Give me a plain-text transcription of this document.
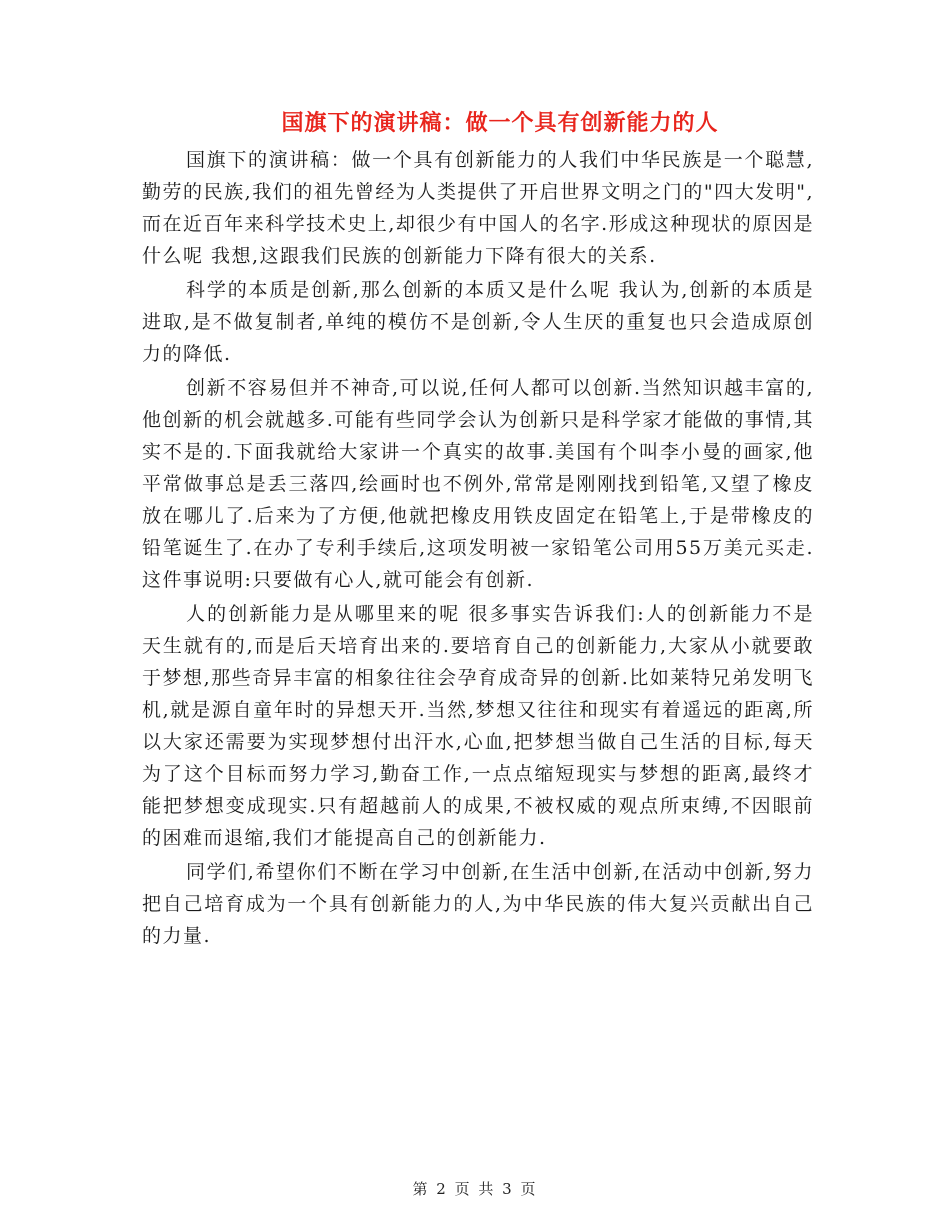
国旗下的演讲稿：做一个具有创新能力的人

国旗下的演讲稿：做一个具有创新能力的人我们中华民族是一个聪慧,勤劳的民族,我们的祖先曾经为人类提供了开启世界文明之门的"四大发明",而在近百年来科学技术史上,却很少有中国人的名字.形成这种现状的原因是什么呢 我想,这跟我们民族的创新能力下降有很大的关系.

科学的本质是创新,那么创新的本质又是什么呢 我认为,创新的本质是进取,是不做复制者,单纯的模仿不是创新,令人生厌的重复也只会造成原创力的降低.

创新不容易但并不神奇,可以说,任何人都可以创新.当然知识越丰富的,他创新的机会就越多.可能有些同学会认为创新只是科学家才能做的事情,其实不是的.下面我就给大家讲一个真实的故事.美国有个叫李小曼的画家,他平常做事总是丢三落四,绘画时也不例外,常常是刚刚找到铅笔,又望了橡皮放在哪儿了.后来为了方便,他就把橡皮用铁皮固定在铅笔上,于是带橡皮的铅笔诞生了.在办了专利手续后,这项发明被一家铅笔公司用55万美元买走.这件事说明:只要做有心人,就可能会有创新.

人的创新能力是从哪里来的呢 很多事实告诉我们:人的创新能力不是天生就有的,而是后天培育出来的.要培育自己的创新能力,大家从小就要敢于梦想,那些奇异丰富的相象往往会孕育成奇异的创新.比如莱特兄弟发明飞机,就是源自童年时的异想天开.当然,梦想又往往和现实有着遥远的距离,所以大家还需要为实现梦想付出汗水,心血,把梦想当做自己生活的目标,每天为了这个目标而努力学习,勤奋工作,一点点缩短现实与梦想的距离,最终才能把梦想变成现实.只有超越前人的成果,不被权威的观点所束缚,不因眼前的困难而退缩,我们才能提高自己的创新能力.

同学们,希望你们不断在学习中创新,在生活中创新,在活动中创新,努力把自己培育成为一个具有创新能力的人,为中华民族的伟大复兴贡献出自己的力量.

第 2 页 共 3 页
